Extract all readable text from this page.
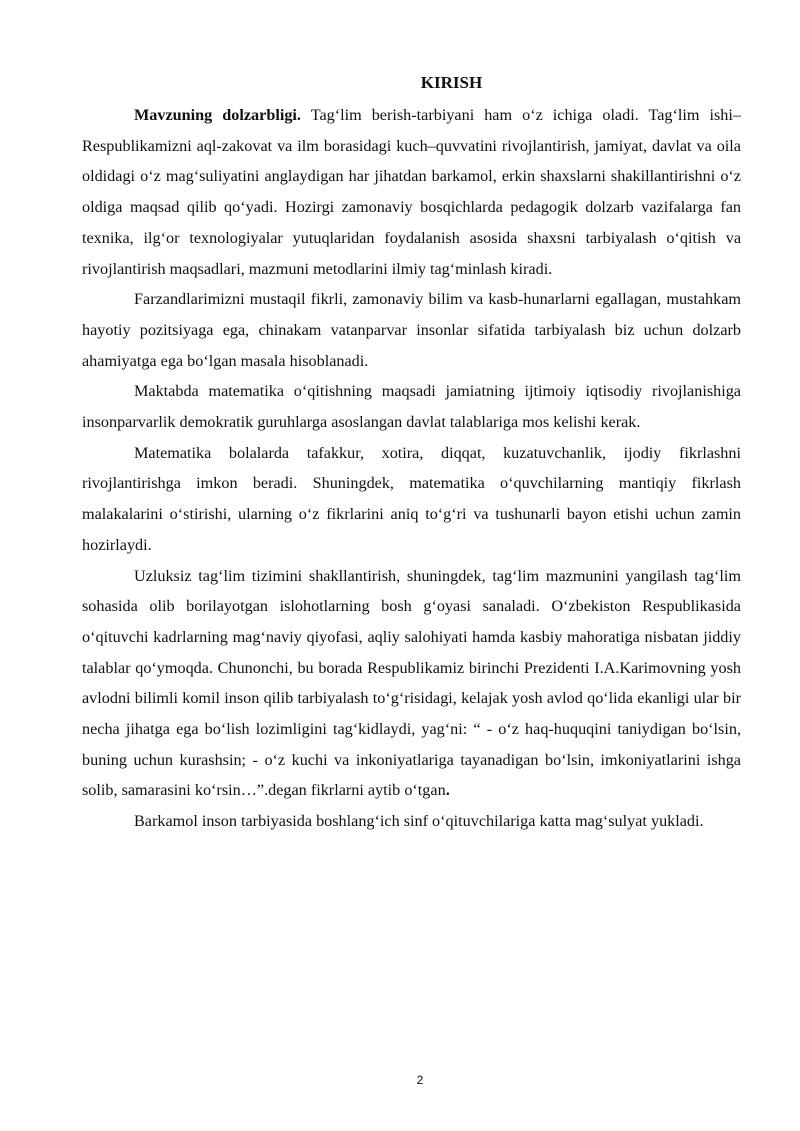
KIRISH

Mavzuning dolzarbligi. Tag‘lim berish-tarbiyani ham o‘z ichiga oladi. Tag‘lim ishi–Respublikamizni aql-zakovat va ilm borasidagi kuch–quvvatini rivojlantirish, jamiyat, davlat va oila oldidagi o‘z mag‘suliyatini anglaydigan har jihatdan barkamol, erkin shaxslarni shakillantirishni o‘z oldiga maqsad qilib qo‘yadi. Hozirgi zamonaviy bosqichlarda pedagogik dolzarb vazifalarga fan texnika, ilg‘or texnologiyalar yutuqlaridan foydalanish asosida shaxsni tarbiyalash o‘qitish va rivojlantirish maqsadlari, mazmuni metodlarini ilmiy tag‘minlash kiradi.

Farzandlarimizni mustaqil fikrli, zamonaviy bilim va kasb-hunarlarni egallagan, mustahkam hayotiy pozitsiyaga ega, chinakam vatanparvar insonlar sifatida tarbiyalash biz uchun dolzarb ahamiyatga ega bo‘lgan masala hisoblanadi.

Maktabda matematika o‘qitishning maqsadi jamiatning ijtimoiy iqtisodiy rivojlanishiga insonparvarlik demokratik guruhlarga asoslangan davlat talablariga mos kelishi kerak.

Matematika bolalarda tafakkur, xotira, diqqat, kuzatuvchanlik, ijodiy fikrlashni rivojlantirishga imkon beradi. Shuningdek, matematika o‘quvchilarning mantiqiy fikrlash malakalarini o‘stirishi, ularning o‘z fikrlarini aniq to‘g‘ri va tushunarli bayon etishi uchun zamin hozirlaydi.

Uzluksiz tag‘lim tizimini shakllantirish, shuningdek, tag‘lim mazmunini yangilash tag‘lim sohasida olib borilayotgan islohotlarning bosh g‘oyasi sanaladi. O‘zbekiston Respublikasida o‘qituvchi kadrlarning mag‘naviy qiyofasi, aqliy salohiyati hamda kasbiy mahoratiga nisbatan jiddiy talablar qo‘ymoqda. Chunonchi, bu borada Respublikamiz birinchi Prezidenti I.A.Karimovning yosh avlodni bilimli komil inson qilib tarbiyalash to‘g‘risidagi, kelajak yosh avlod qo‘lida ekanligi ular bir necha jihatga ega bo‘lish lozimligini tag‘kidlaydi, yag‘ni: “ - o‘z haq-huquqini taniydigan bo‘lsin, buning uchun kurashsin; - o‘z kuchi va inkoniyatlariga tayanadigan bo‘lsin, imkoniyatlarini ishga solib, samarasini ko‘rsin…”.degan fikrlarni aytib o‘tgan.

Barkamol inson tarbiyasida boshlang‘ich sinf o‘qituvchilariga katta mag‘sulyat yukladi.

2
